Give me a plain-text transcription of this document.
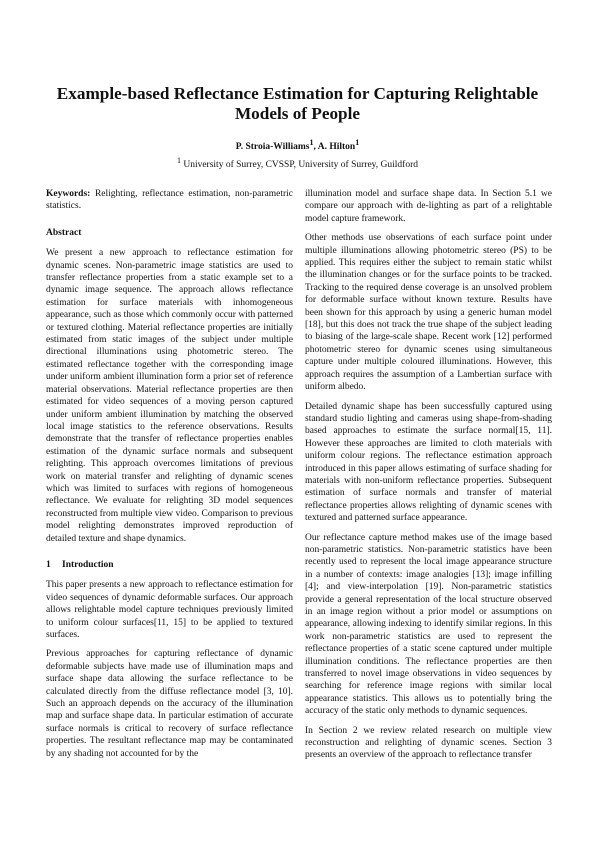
Example-based Reflectance Estimation for Capturing Relightable Models of People

P. Stroia-Williams$^1$, A. Hilton$^1$

$^1$ University of Surrey, CVSSP, University of Surrey, Guildford

Keywords: Relighting, reflectance estimation, non-parametric statistics.

Abstract

We present a new approach to reflectance estimation for dynamic scenes. Non-parametric image statistics are used to transfer reflectance properties from a static example set to a dynamic image sequence. The approach allows reflectance estimation for surface materials with inhomogeneous appearance, such as those which commonly occur with patterned or textured clothing. Material reflectance properties are initially estimated from static images of the subject under multiple directional illuminations using photometric stereo. The estimated reflectance together with the corresponding image under uniform ambient illumination form a prior set of reference material observations. Material reflectance properties are then estimated for video sequences of a moving person captured under uniform ambient illumination by matching the observed local image statistics to the reference observations. Results demonstrate that the transfer of reflectance properties enables estimation of the dynamic surface normals and subsequent relighting. This approach overcomes limitations of previous work on material transfer and relighting of dynamic scenes which was limited to surfaces with regions of homogeneous reflectance. We evaluate for relighting 3D model sequences reconstructed from multiple view video. Comparison to previous model relighting demonstrates improved reproduction of detailed texture and shape dynamics.

1 Introduction

This paper presents a new approach to reflectance estimation for video sequences of dynamic deformable surfaces. Our approach allows relightable model capture techniques previously limited to uniform colour surfaces[11, 15] to be applied to textured surfaces.

Previous approaches for capturing reflectance of dynamic deformable subjects have made use of illumination maps and surface shape data allowing the surface reflectance to be calculated directly from the diffuse reflectance model [3, 10]. Such an approach depends on the accuracy of the illumination map and surface shape data. In particular estimation of accurate surface normals is critical to recovery of surface reflectance properties. The resultant reflectance map may be contaminated by any shading not accounted for by the

illumination model and surface shape data. In Section 5.1 we compare our approach with de-lighting as part of a relightable model capture framework.

Other methods use observations of each surface point under multiple illuminations allowing photometric stereo (PS) to be applied. This requires either the subject to remain static whilst the illumination changes or for the surface points to be tracked. Tracking to the required dense coverage is an unsolved problem for deformable surface without known texture. Results have been shown for this approach by using a generic human model [18], but this does not track the true shape of the subject leading to biasing of the large-scale shape. Recent work [12] performed photometric stereo for dynamic scenes using simultaneous capture under multiple coloured illuminations. However, this approach requires the assumption of a Lambertian surface with uniform albedo.

Detailed dynamic shape has been successfully captured using standard studio lighting and cameras using shape-from-shading based approaches to estimate the surface normal[15, 11]. However these approaches are limited to cloth materials with uniform colour regions. The reflectance estimation approach introduced in this paper allows estimating of surface shading for materials with non-uniform reflectance properties. Subsequent estimation of surface normals and transfer of material reflectance properties allows relighting of dynamic scenes with textured and patterned surface appearance.

Our reflectance capture method makes use of the image based non-parametric statistics. Non-parametric statistics have been recently used to represent the local image appearance structure in a number of contexts: image analogies [13]; image infilling [4]; and view-interpolation [19]. Non-parametric statistics provide a general representation of the local structure observed in an image region without a prior model or assumptions on appearance, allowing indexing to identify similar regions. In this work non-parametric statistics are used to represent the reflectance properties of a static scene captured under multiple illumination conditions. The reflectance properties are then transferred to novel image observations in video sequences by searching for reference image regions with similar local appearance statistics. This allows us to potentially bring the accuracy of the static only methods to dynamic sequences.

In Section 2 we review related research on multiple view reconstruction and relighting of dynamic scenes. Section 3 presents an overview of the approach to reflectance transfer
